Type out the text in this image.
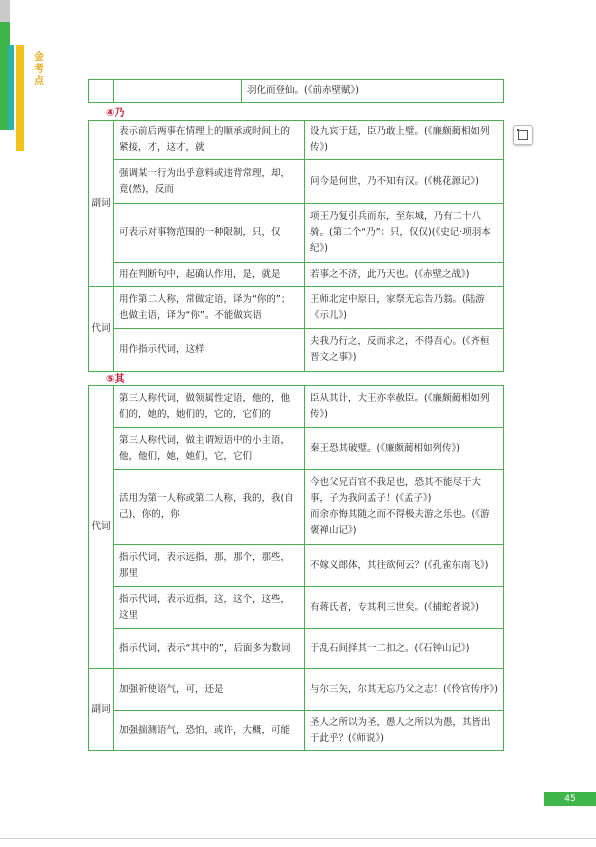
金
考
点
		羽化而登仙。(《前赤壁赋》)
④乃
副词	表示前后两事在情理上的顺承或时间上的紧接，才，这才，就	设九宾于廷，臣乃敢上璧。(《廉颇蔺相如列传》)
	强调某一行为出乎意料或违背常理，却，竟(然)，反而	问今是何世，乃不知有汉。(《桃花源记》)
	可表示对事物范围的一种限制，只，仅	项王乃复引兵而东，至东城，乃有二十八骑。(第二个“乃”：只，仅仅)(《史记·项羽本纪》)
	用在判断句中，起确认作用，是，就是	若事之不济，此乃天也。(《赤壁之战》)
代词	用作第二人称，常做定语，译为“你的”；也做主语，译为“你”。不能做宾语	王师北定中原日，家祭无忘告乃翁。(陆游《示儿》)
	用作指示代词，这样	夫我乃行之，反而求之，不得吾心。(《齐桓晋文之事》)
⑤其
代词	第三人称代词，做领属性定语，他的，他们的，她的，她们的，它的，它们的	臣从其计，大王亦幸赦臣。(《廉颇蔺相如列传》)
	第三人称代词，做主谓短语中的小主语，他，他们，她，她们，它，它们	秦王恐其破璧。(《廉颇蔺相如列传》)
	活用为第一人称或第二人称，我的，我(自己)，你的，你	今也父兄百官不我足也，恐其不能尽于大事，子为我问孟子！(《孟子》)
而余亦悔其随之而不得极夫游之乐也。(《游褒禅山记》)
	指示代词，表示远指，那，那个，那些，那里	不嫁义郎体，其往欲何云？(《孔雀东南飞》)
	指示代词，表示近指，这，这个，这些，这里	有蒋氏者，专其利三世矣。(《捕蛇者说》)
	指示代词，表示“其中的”，后面多为数词	于乱石间择其一二扣之。(《石钟山记》)
副词	加强祈使语气，可，还是	与尔三矢，尔其无忘乃父之志！(《伶官传序》)
	加强揣测语气，恐怕，或许，大概，可能	圣人之所以为圣，愚人之所以为愚，其皆出于此乎？(《师说》)
45
